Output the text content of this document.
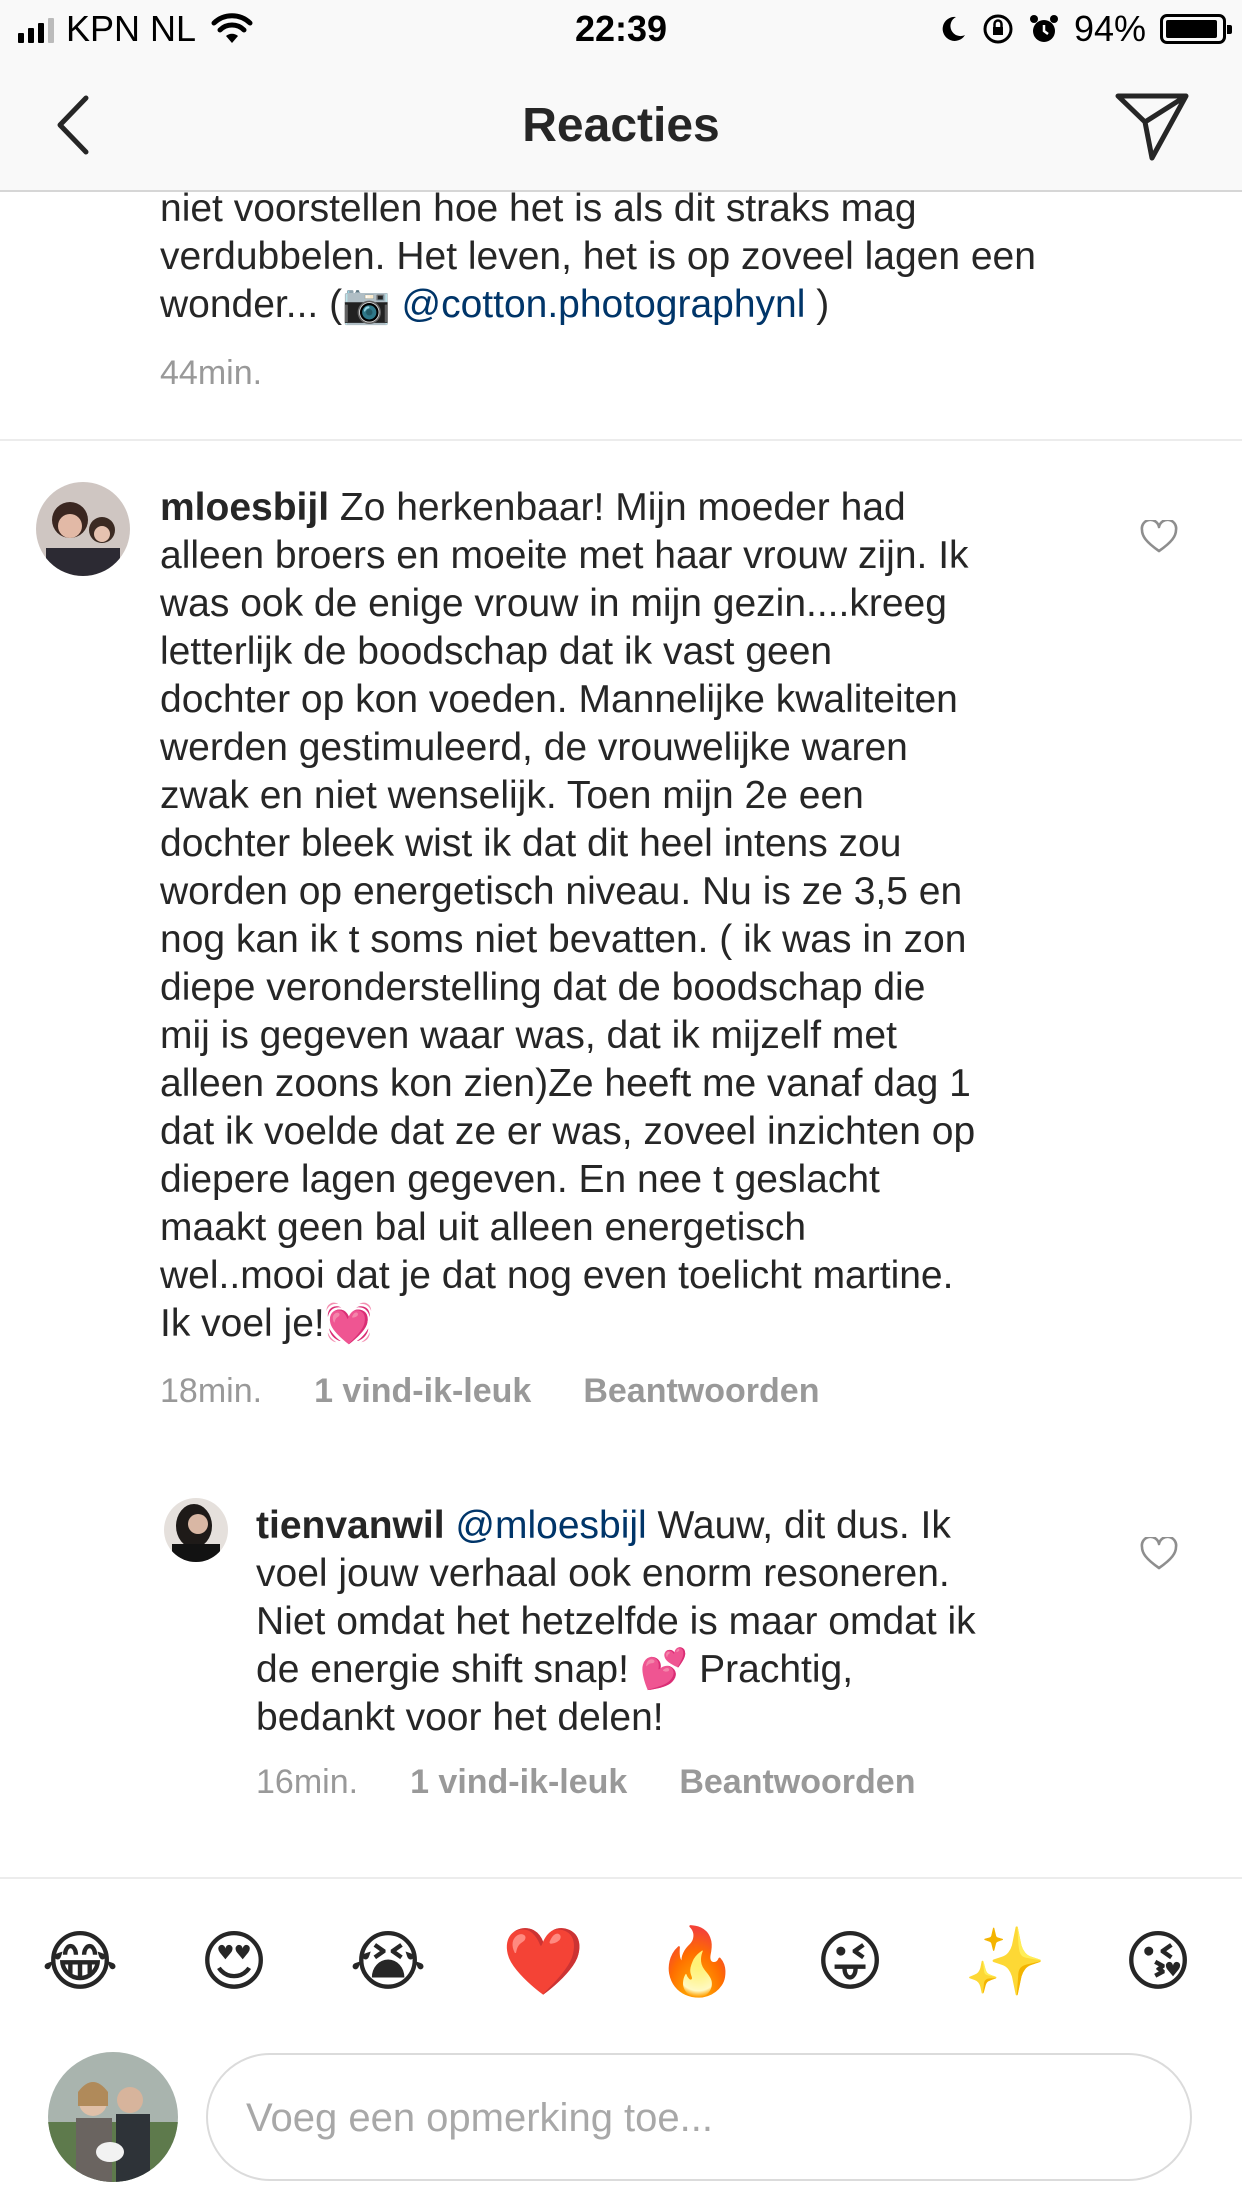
KPN NL	22:39	94%
Reacties
niet voorstellen hoe het is als dit straks mag
verdubbelen. Het leven, het is op zoveel lagen een
wonder... (📷 @cotton.photographynl )
44min.
mloesbijl Zo herkenbaar! Mijn moeder had
alleen broers en moeite met haar vrouw zijn. Ik
was ook de enige vrouw in mijn gezin....kreeg
letterlijk de boodschap dat ik vast geen
dochter op kon voeden. Mannelijke kwaliteiten
werden gestimuleerd, de vrouwelijke waren
zwak en niet wenselijk. Toen mijn 2e een
dochter bleek wist ik dat dit heel intens zou
worden op energetisch niveau. Nu is ze 3,5 en
nog kan ik t soms niet bevatten. ( ik was in zon
diepe veronderstelling dat de boodschap die
mij is gegeven waar was, dat ik mijzelf met
alleen zoons kon zien)Ze heeft me vanaf dag 1
dat ik voelde dat ze er was, zoveel inzichten op
diepere lagen gegeven. En nee t geslacht
maakt geen bal uit alleen energetisch
wel..mooi dat je dat nog even toelicht martine.
Ik voel je!💓
18min. 1 vind-ik-leuk Beantwoorden
tienvanwil @mloesbijl Wauw, dit dus. Ik
voel jouw verhaal ook enorm resoneren.
Niet omdat het hetzelfde is maar omdat ik
de energie shift snap! 💕 Prachtig,
bedankt voor het delen!
16min. 1 vind-ik-leuk Beantwoorden
😂 😍 😭 ❤️ 🔥 😜 ✨ 😘
Voeg een opmerking toe...
